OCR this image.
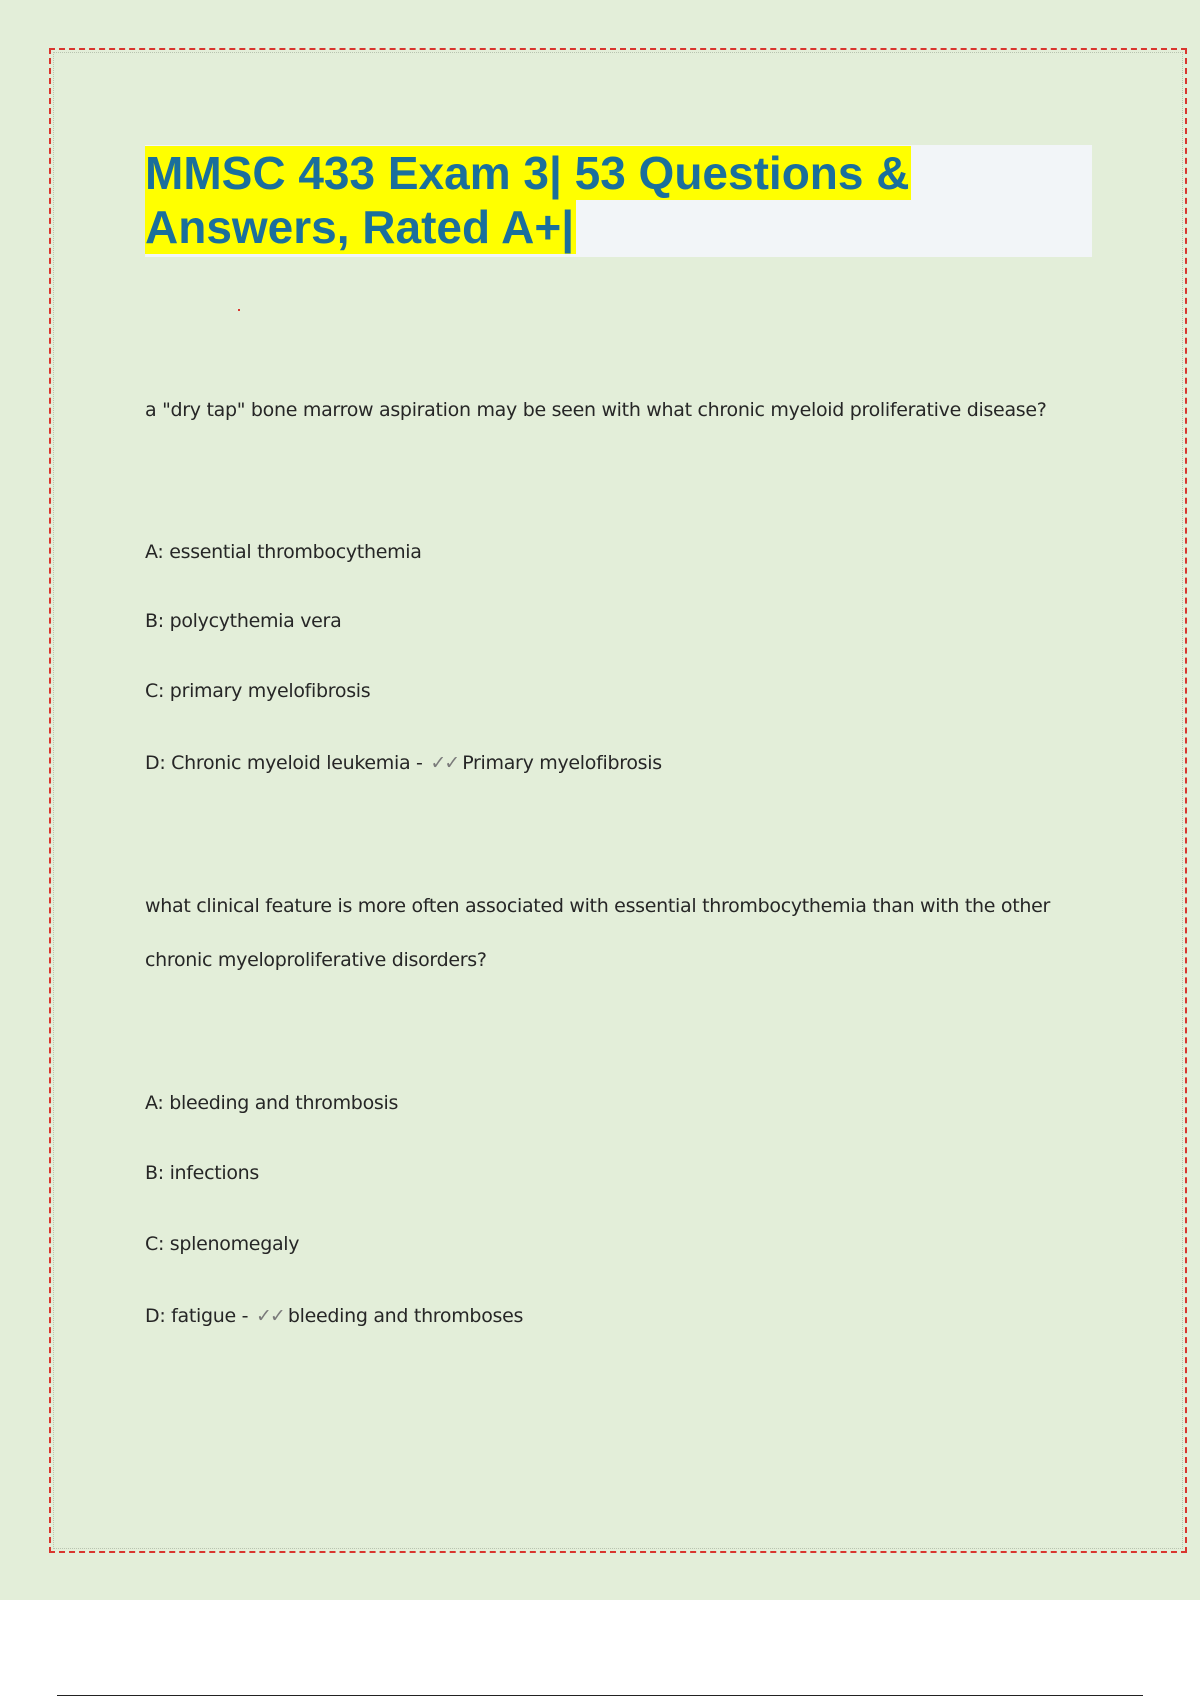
MMSC 433 Exam 3| 53 Questions &
Answers, Rated A+|
a "dry tap" bone marrow aspiration may be seen with what chronic myeloid proliferative disease?
A: essential thrombocythemia
B: polycythemia vera
C: primary myelofibrosis
D: Chronic myeloid leukemia - ✓✓ Primary myelofibrosis
what clinical feature is more often associated with essential thrombocythemia than with the other
chronic myeloproliferative disorders?
A: bleeding and thrombosis
B: infections
C: splenomegaly
D: fatigue - ✓✓ bleeding and thromboses
